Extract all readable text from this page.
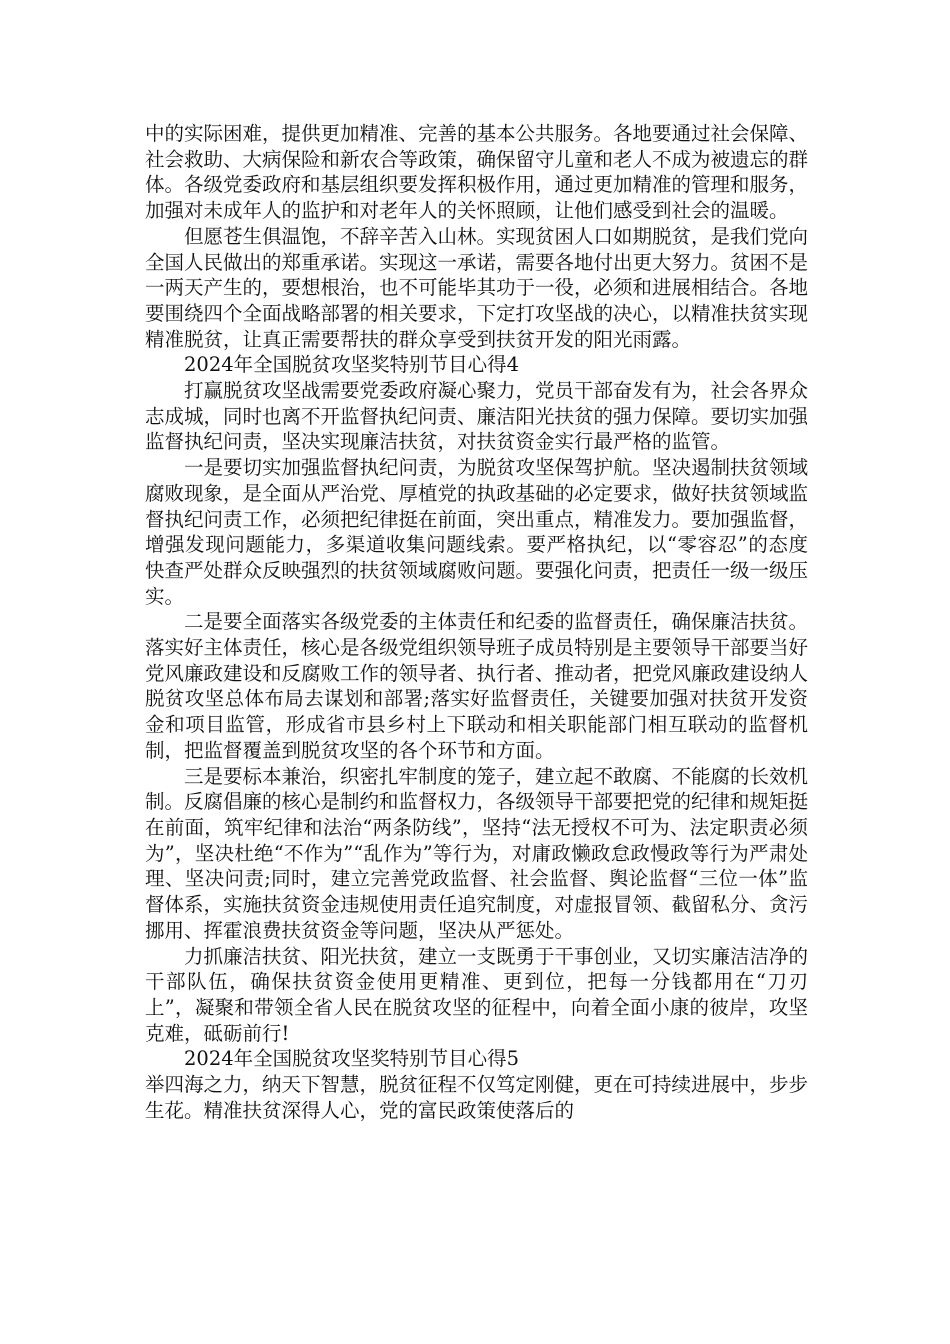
中的实际困难，提供更加精准、完善的基本公共服务。各地要通过社会保障、社会救助、大病保险和新农合等政策，确保留守儿童和老人不成为被遗忘的群体。各级党委政府和基层组织要发挥积极作用，通过更加精准的管理和服务，加强对未成年人的监护和对老年人的关怀照顾，让他们感受到社会的温暖。

但愿苍生俱温饱，不辞辛苦入山林。实现贫困人口如期脱贫，是我们党向全国人民做出的郑重承诺。实现这一承诺，需要各地付出更大努力。贫困不是一两天产生的，要想根治，也不可能毕其功于一役，必须和进展相结合。各地要围绕四个全面战略部署的相关要求，下定打攻坚战的决心，以精准扶贫实现精准脱贫，让真正需要帮扶的群众享受到扶贫开发的阳光雨露。

2024年全国脱贫攻坚奖特别节目心得4

打赢脱贫攻坚战需要党委政府凝心聚力，党员干部奋发有为，社会各界众志成城，同时也离不开监督执纪问责、廉洁阳光扶贫的强力保障。要切实加强监督执纪问责，坚决实现廉洁扶贫，对扶贫资金实行最严格的监管。

一是要切实加强监督执纪问责，为脱贫攻坚保驾护航。坚决遏制扶贫领域腐败现象，是全面从严治党、厚植党的执政基础的必定要求，做好扶贫领域监督执纪问责工作，必须把纪律挺在前面，突出重点，精准发力。要加强监督，增强发现问题能力，多渠道收集问题线索。要严格执纪，以“零容忍”的态度快查严处群众反映强烈的扶贫领域腐败问题。要强化问责，把责任一级一级压实。

二是要全面落实各级党委的主体责任和纪委的监督责任，确保廉洁扶贫。落实好主体责任，核心是各级党组织领导班子成员特别是主要领导干部要当好党风廉政建设和反腐败工作的领导者、执行者、推动者，把党风廉政建设纳人脱贫攻坚总体布局去谋划和部署;落实好监督责任，关键要加强对扶贫开发资金和项目监管，形成省市县乡村上下联动和相关职能部门相互联动的监督机制，把监督覆盖到脱贫攻坚的各个环节和方面。

三是要标本兼治，织密扎牢制度的笼子，建立起不敢腐、不能腐的长效机制。反腐倡廉的核心是制约和监督权力，各级领导干部要把党的纪律和规矩挺在前面，筑牢纪律和法治“两条防线”，坚持“法无授权不可为、法定职责必须为”，坚决杜绝“不作为”“乱作为”等行为，对庸政懒政怠政慢政等行为严肃处理、坚决问责;同时，建立完善党政监督、社会监督、舆论监督“三位一体”监督体系，实施扶贫资金违规使用责任追究制度，对虚报冒领、截留私分、贪污挪用、挥霍浪费扶贫资金等问题，坚决从严惩处。

力抓廉洁扶贫、阳光扶贫，建立一支既勇于干事创业，又切实廉洁洁净的干部队伍，确保扶贫资金使用更精准、更到位，把每一分钱都用在“刀刃上”，凝聚和带领全省人民在脱贫攻坚的征程中，向着全面小康的彼岸，攻坚克难，砥砺前行!

2024年全国脱贫攻坚奖特别节目心得5

举四海之力，纳天下智慧，脱贫征程不仅笃定刚健，更在可持续进展中，步步生花。精准扶贫深得人心，党的富民政策使落后的
